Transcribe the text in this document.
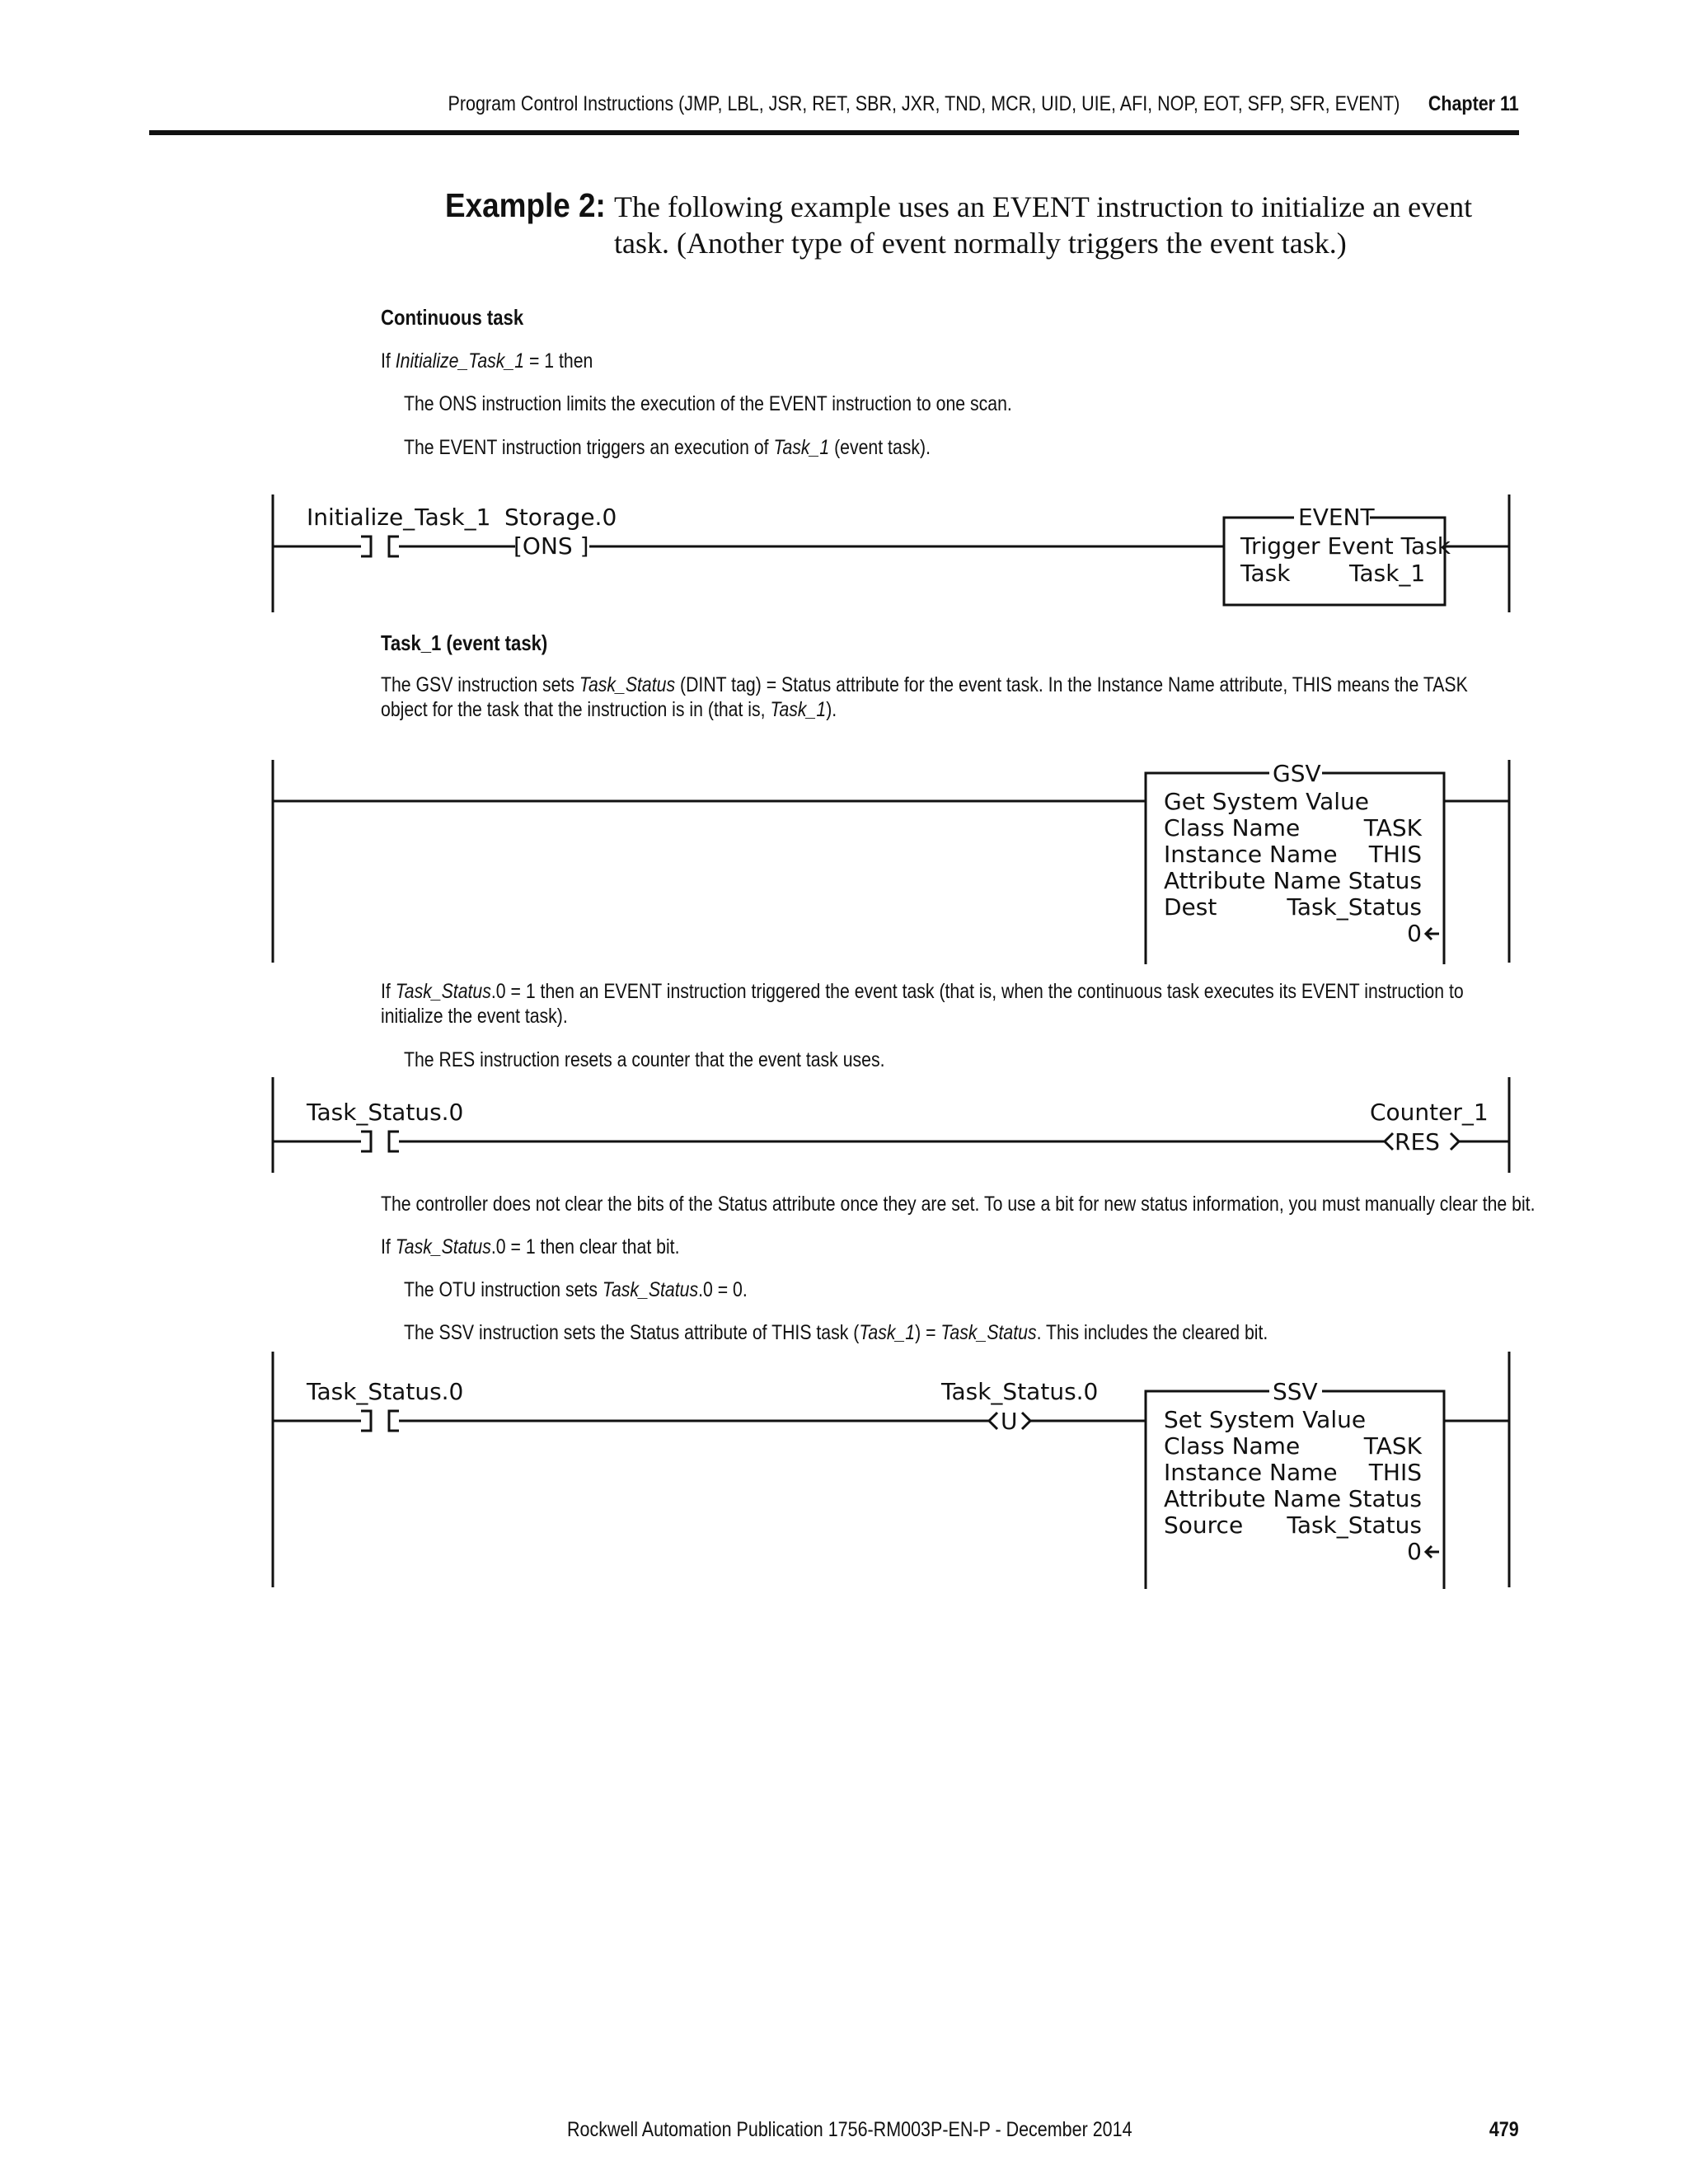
Program Control Instructions (JMP, LBL, JSR, RET, SBR, JXR, TND, MCR, UID, UIE, AFI, NOP, EOT, SFP, SFR, EVENT) Chapter 11
Example 2: The following example uses an EVENT instruction to initialize an event task. (Another type of event normally triggers the event task.)
Continuous task
If Initialize_Task_1 = 1 then
The ONS instruction limits the execution of the EVENT instruction to one scan.
The EVENT instruction triggers an execution of Task_1 (event task).
Initialize_Task_1 Storage.0
[ONS ]
EVENT
Trigger Event Task
Task	Task_1
Task_1 (event task)
The GSV instruction sets Task_Status (DINT tag) = Status attribute for the event task. In the Instance Name attribute, THIS means the TASK object for the task that the instruction is in (that is, Task_1).
GSV
Get System Value
Class Name	TASK
Instance Name THIS
Attribute Name Status
Dest	Task_Status
0
If Task_Status.0 = 1 then an EVENT instruction triggered the event task (that is, when the continuous task executes its EVENT instruction to initialize the event task).
The RES instruction resets a counter that the event task uses.
Task_Status.0	Counter_1
RES
The controller does not clear the bits of the Status attribute once they are set. To use a bit for new status information, you must manually clear the bit.
If Task_Status.0 = 1 then clear that bit.
The OTU instruction sets Task_Status.0 = 0.
The SSV instruction sets the Status attribute of THIS task (Task_1) = Task_Status. This includes the cleared bit.
Task_Status.0	Task_Status.0
U
SSV
Set System Value
Class Name	TASK
Instance Name THIS
Attribute Name Status
Source Task_Status
0
Rockwell Automation Publication 1756-RM003P-EN-P - December 2014	479
